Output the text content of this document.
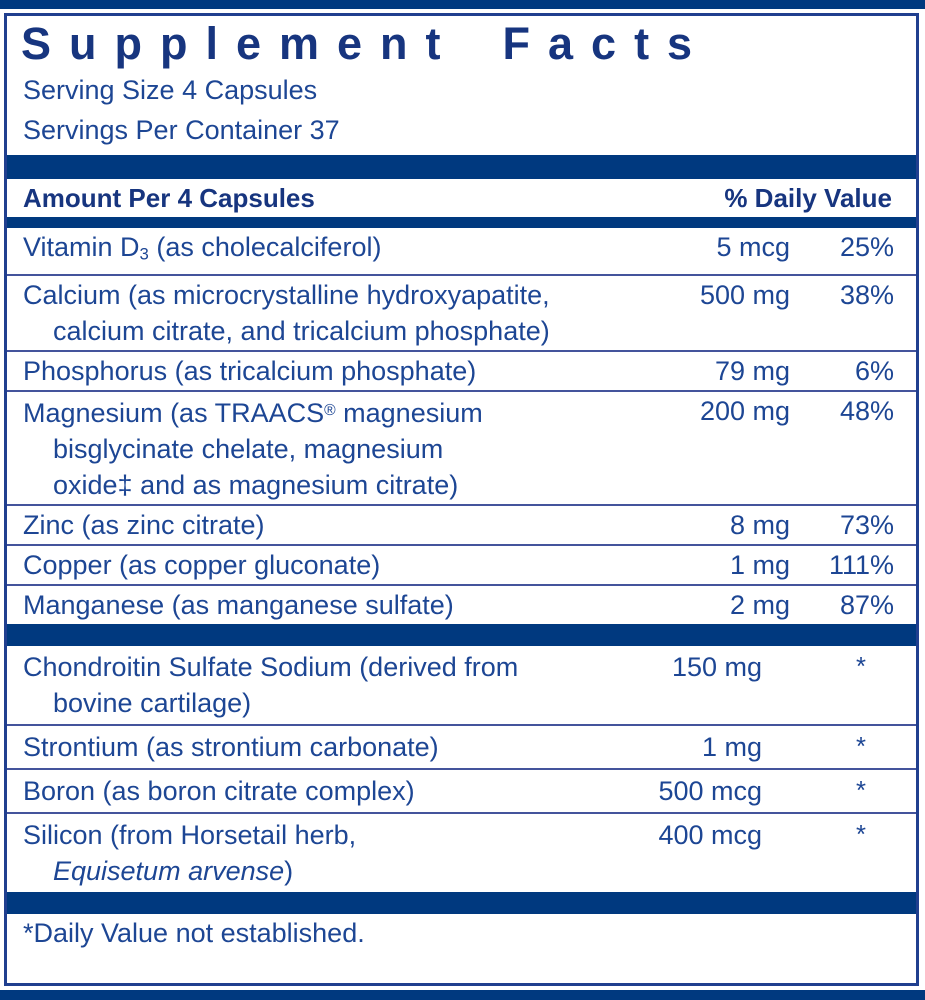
Supplement Facts
Serving Size 4 Capsules
Servings Per Container 37
Amount Per 4 Capsules	% Daily Value
Vitamin $D_3$ (as cholecalciferol)	5 mcg	25%
Calcium (as microcrystalline hydroxyapatite,
calcium citrate, and tricalcium phosphate)
500 mg	38%
Phosphorus (as tricalcium phosphate)	79 mg	6%
Magnesium (as TRAACS® magnesium
bisglycinate chelate, magnesium
oxide‡ and as magnesium citrate)
200 mg	48%
Zinc (as zinc citrate)	8 mg	73%
Copper (as copper gluconate)	1 mg	111%
Manganese (as manganese sulfate)	2 mg	87%
Chondroitin Sulfate Sodium (derived from
bovine cartilage)
150 mg	*
Strontium (as strontium carbonate)	1 mg	*
Boron (as boron citrate complex)	500 mcg	*
Silicon (from Horsetail herb,
Equisetum arvense)
400 mcg	*
*Daily Value not established.
